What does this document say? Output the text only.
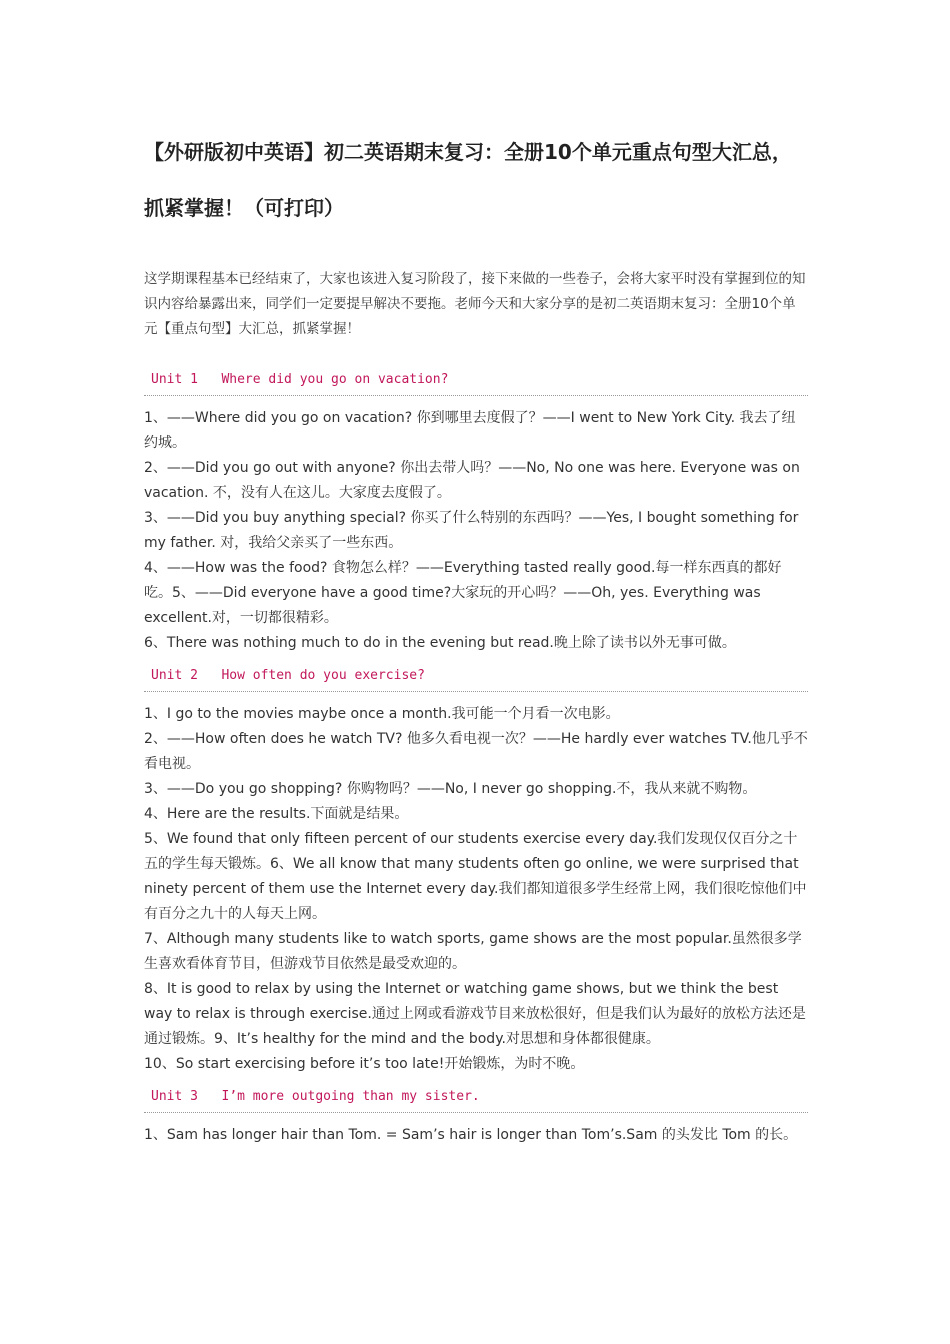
【外研版初中英语】初二英语期末复习：全册10个单元重点句型大汇总，抓紧掌握！（可打印）

这学期课程基本已经结束了，大家也该进入复习阶段了，接下来做的一些卷子，会将大家平时没有掌握到位的知识内容给暴露出来，同学们一定要提早解决不要拖。老师今天和大家分享的是初二英语期末复习：全册10个单元【重点句型】大汇总，抓紧掌握！

Unit 1   Where did you go on vacation?

1、——Where did you go on vacation? 你到哪里去度假了？——I went to New York City. 我去了纽约城。

2、——Did you go out with anyone? 你出去带人吗？——No, No one was here. Everyone was on vacation. 不，没有人在这儿。大家度去度假了。

3、——Did you buy anything special? 你买了什么特别的东西吗？——Yes, I bought something for my father. 对，我给父亲买了一些东西。

4、——How was the food? 食物怎么样？——Everything tasted really good.每一样东西真的都好吃。5、——Did everyone have a good time?大家玩的开心吗？——Oh, yes. Everything was excellent.对，一切都很精彩。

6、There was nothing much to do in the evening but read.晚上除了读书以外无事可做。

Unit 2   How often do you exercise?

1、I go to the movies maybe once a month.我可能一个月看一次电影。

2、——How often does he watch TV? 他多久看电视一次？——He hardly ever watches TV.他几乎不看电视。

3、——Do you go shopping? 你购物吗？——No, I never go shopping.不，我从来就不购物。

4、Here are the results.下面就是结果。

5、We found that only fifteen percent of our students exercise every day.我们发现仅仅百分之十五的学生每天锻炼。6、We all know that many students often go online, we were surprised that ninety percent of them use the Internet every day.我们都知道很多学生经常上网，我们很吃惊他们中有百分之九十的人每天上网。

7、Although many students like to watch sports, game shows are the most popular.虽然很多学生喜欢看体育节目，但游戏节目依然是最受欢迎的。

8、It is good to relax by using the Internet or watching game shows, but we think the best way to relax is through exercise.通过上网或看游戏节目来放松很好，但是我们认为最好的放松方法还是通过锻炼。9、It’s healthy for the mind and the body.对思想和身体都很健康。

10、So start exercising before it’s too late!开始锻炼，为时不晚。

Unit 3   I’m more outgoing than my sister.

1、Sam has longer hair than Tom. = Sam’s hair is longer than Tom’s.Sam 的头发比 Tom 的长。
